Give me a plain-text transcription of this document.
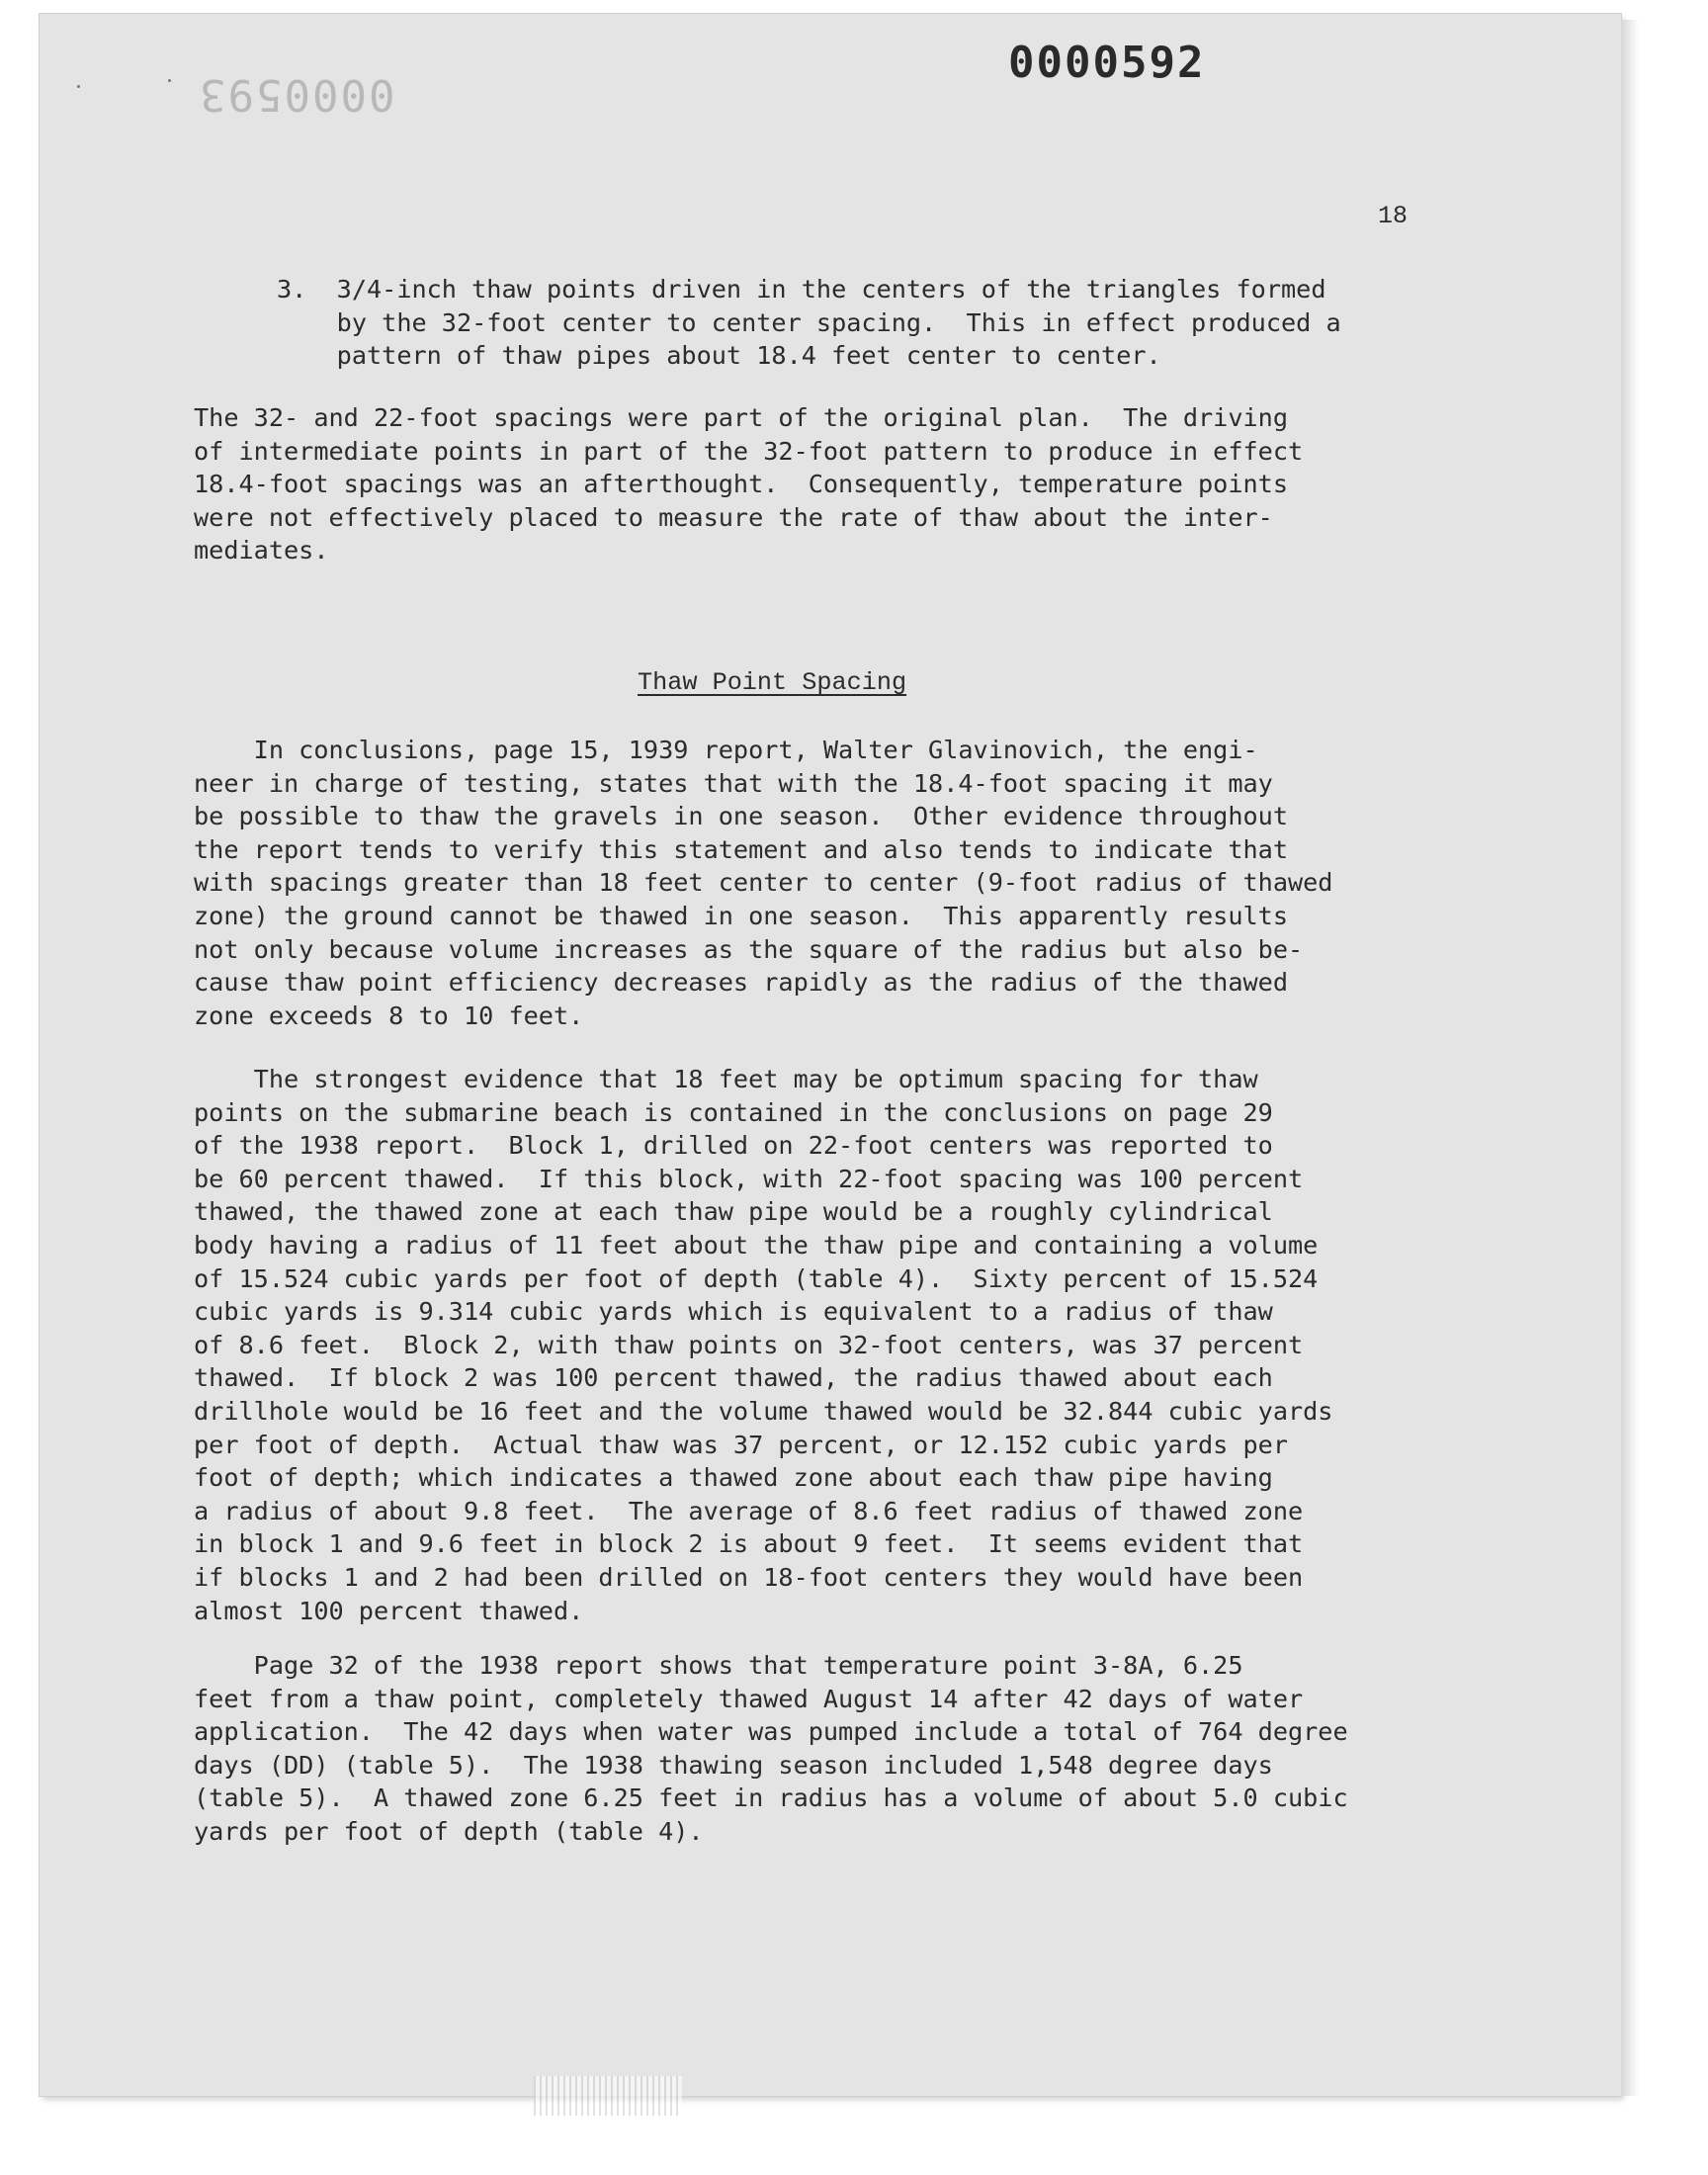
0000593
0000592
18
3.  3/4-inch thaw points driven in the centers of the triangles formed
by the 32-foot center to center spacing.  This in effect produced a
pattern of thaw pipes about 18.4 feet center to center.
The 32- and 22-foot spacings were part of the original plan.  The driving
of intermediate points in part of the 32-foot pattern to produce in effect
18.4-foot spacings was an afterthought.  Consequently, temperature points
were not effectively placed to measure the rate of thaw about the inter-
mediates.
Thaw Point Spacing
In conclusions, page 15, 1939 report, Walter Glavinovich, the engi-
neer in charge of testing, states that with the 18.4-foot spacing it may
be possible to thaw the gravels in one season.  Other evidence throughout
the report tends to verify this statement and also tends to indicate that
with spacings greater than 18 feet center to center (9-foot radius of thawed
zone) the ground cannot be thawed in one season.  This apparently results
not only because volume increases as the square of the radius but also be-
cause thaw point efficiency decreases rapidly as the radius of the thawed
zone exceeds 8 to 10 feet.
The strongest evidence that 18 feet may be optimum spacing for thaw
points on the submarine beach is contained in the conclusions on page 29
of the 1938 report.  Block 1, drilled on 22-foot centers was reported to
be 60 percent thawed.  If this block, with 22-foot spacing was 100 percent
thawed, the thawed zone at each thaw pipe would be a roughly cylindrical
body having a radius of 11 feet about the thaw pipe and containing a volume
of 15.524 cubic yards per foot of depth (table 4).  Sixty percent of 15.524
cubic yards is 9.314 cubic yards which is equivalent to a radius of thaw
of 8.6 feet.  Block 2, with thaw points on 32-foot centers, was 37 percent
thawed.  If block 2 was 100 percent thawed, the radius thawed about each
drillhole would be 16 feet and the volume thawed would be 32.844 cubic yards
per foot of depth.  Actual thaw was 37 percent, or 12.152 cubic yards per
foot of depth; which indicates a thawed zone about each thaw pipe having
a radius of about 9.8 feet.  The average of 8.6 feet radius of thawed zone
in block 1 and 9.6 feet in block 2 is about 9 feet.  It seems evident that
if blocks 1 and 2 had been drilled on 18-foot centers they would have been
almost 100 percent thawed.
Page 32 of the 1938 report shows that temperature point 3-8A, 6.25
feet from a thaw point, completely thawed August 14 after 42 days of water
application.  The 42 days when water was pumped include a total of 764 degree
days (DD) (table 5).  The 1938 thawing season included 1,548 degree days
(table 5).  A thawed zone 6.25 feet in radius has a volume of about 5.0 cubic
yards per foot of depth (table 4).
